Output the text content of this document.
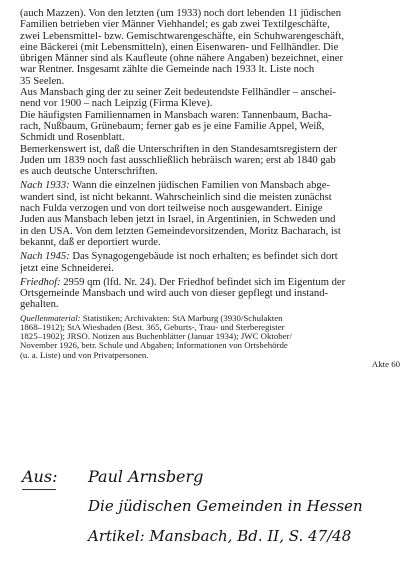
(auch Mazzen). Von den letzten (um 1933) noch dort lebenden 11 jüdischen
Familien betrieben vier Männer Viehhandel; es gab zwei Textilgeschäfte,
zwei Lebensmittel- bzw. Gemischtwarengeschäfte, ein Schuhwarengeschäft,
eine Bäckerei (mit Lebensmitteln), einen Eisenwaren- und Fellhändler. Die
übrigen Männer sind als Kaufleute (ohne nähere Angaben) bezeichnet, einer
war Rentner. Insgesamt zählte die Gemeinde nach 1933 lt. Liste noch
35 Seelen.
Aus Mansbach ging der zu seiner Zeit bedeutendste Fellhändler – anschei-
nend vor 1900 – nach Leipzig (Firma Kleve).
Die häufigsten Familiennamen in Mansbach waren: Tannenbaum, Bacha-
rach, Nußbaum, Grünebaum; ferner gab es je eine Familie Appel, Weiß,
Schmidt und Rosenblatt.
Bemerkenswert ist, daß die Unterschriften in den Standesamtsregistern der
Juden um 1839 noch fast ausschließlich hebräisch waren; erst ab 1840 gab
es auch deutsche Unterschriften.
Nach 1933: Wann die einzelnen jüdischen Familien von Mansbach abge-
wandert sind, ist nicht bekannt. Wahrscheinlich sind die meisten zunächst
nach Fulda verzogen und von dort teilweise noch ausgewandert. Einige
Juden aus Mansbach leben jetzt in Israel, in Argentinien, in Schweden und
in den USA. Von dem letzten Gemeindevorsitzenden, Moritz Bacharach, ist
bekannt, daß er deportiert wurde.
Nach 1945: Das Synagogengebäude ist noch erhalten; es befindet sich dort
jetzt eine Schneiderei.
Friedhof: 2959 qm (lfd. Nr. 24). Der Friedhof befindet sich im Eigentum der
Ortsgemeinde Mansbach und wird auch von dieser gepflegt und instand-
gehalten.
Quellenmaterial: Statistiken; Archivakten: StA Marburg (3930/Schulakten
1868–1912); StA Wiesbaden (Best. 365, Geburts-, Trau- und Sterberegister
1825–1902); JRSO. Notizen aus Buchenblätter (Januar 1934); JWC Oktober/
November 1926, betr. Schule und Abgaben; Informationen von Ortsbehörde
(u. a. Liste) und von Privatpersonen.
Akte 60
Aus: Paul Arnsberg
Die jüdischen Gemeinden in Hessen
Artikel: Mansbach, Bd. II, S. 47/48
